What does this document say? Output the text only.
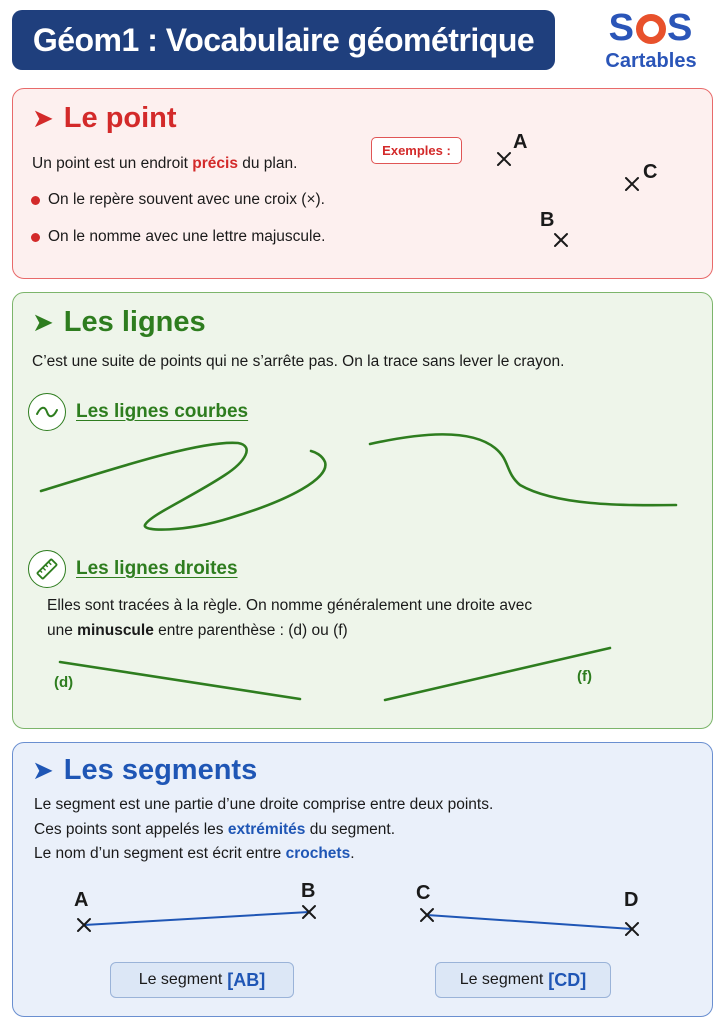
Géom1 : Vocabulaire géométrique	S S
Cartables
➤ Le point
Un point est un endroit précis du plan.
On le repère souvent avec une croix (×).
On le nomme avec une lettre majuscule.
Exemples :	A
B
C
➤ Les lignes
C’est une suite de points qui ne s’arrête pas. On la trace sans lever le crayon.
Les lignes courbes
Les lignes droites
Elles sont tracées à la règle. On nomme généralement une droite avec
une minuscule entre parenthèse : (d) ou (f)
(d)	(f)
➤ Les segments
Le segment est une partie d’une droite comprise entre deux points.
Ces points sont appelés les extrémités du segment.
Le nom d’un segment est écrit entre crochets.
A	B	C	D
Le segment [AB]	Le segment [CD]
